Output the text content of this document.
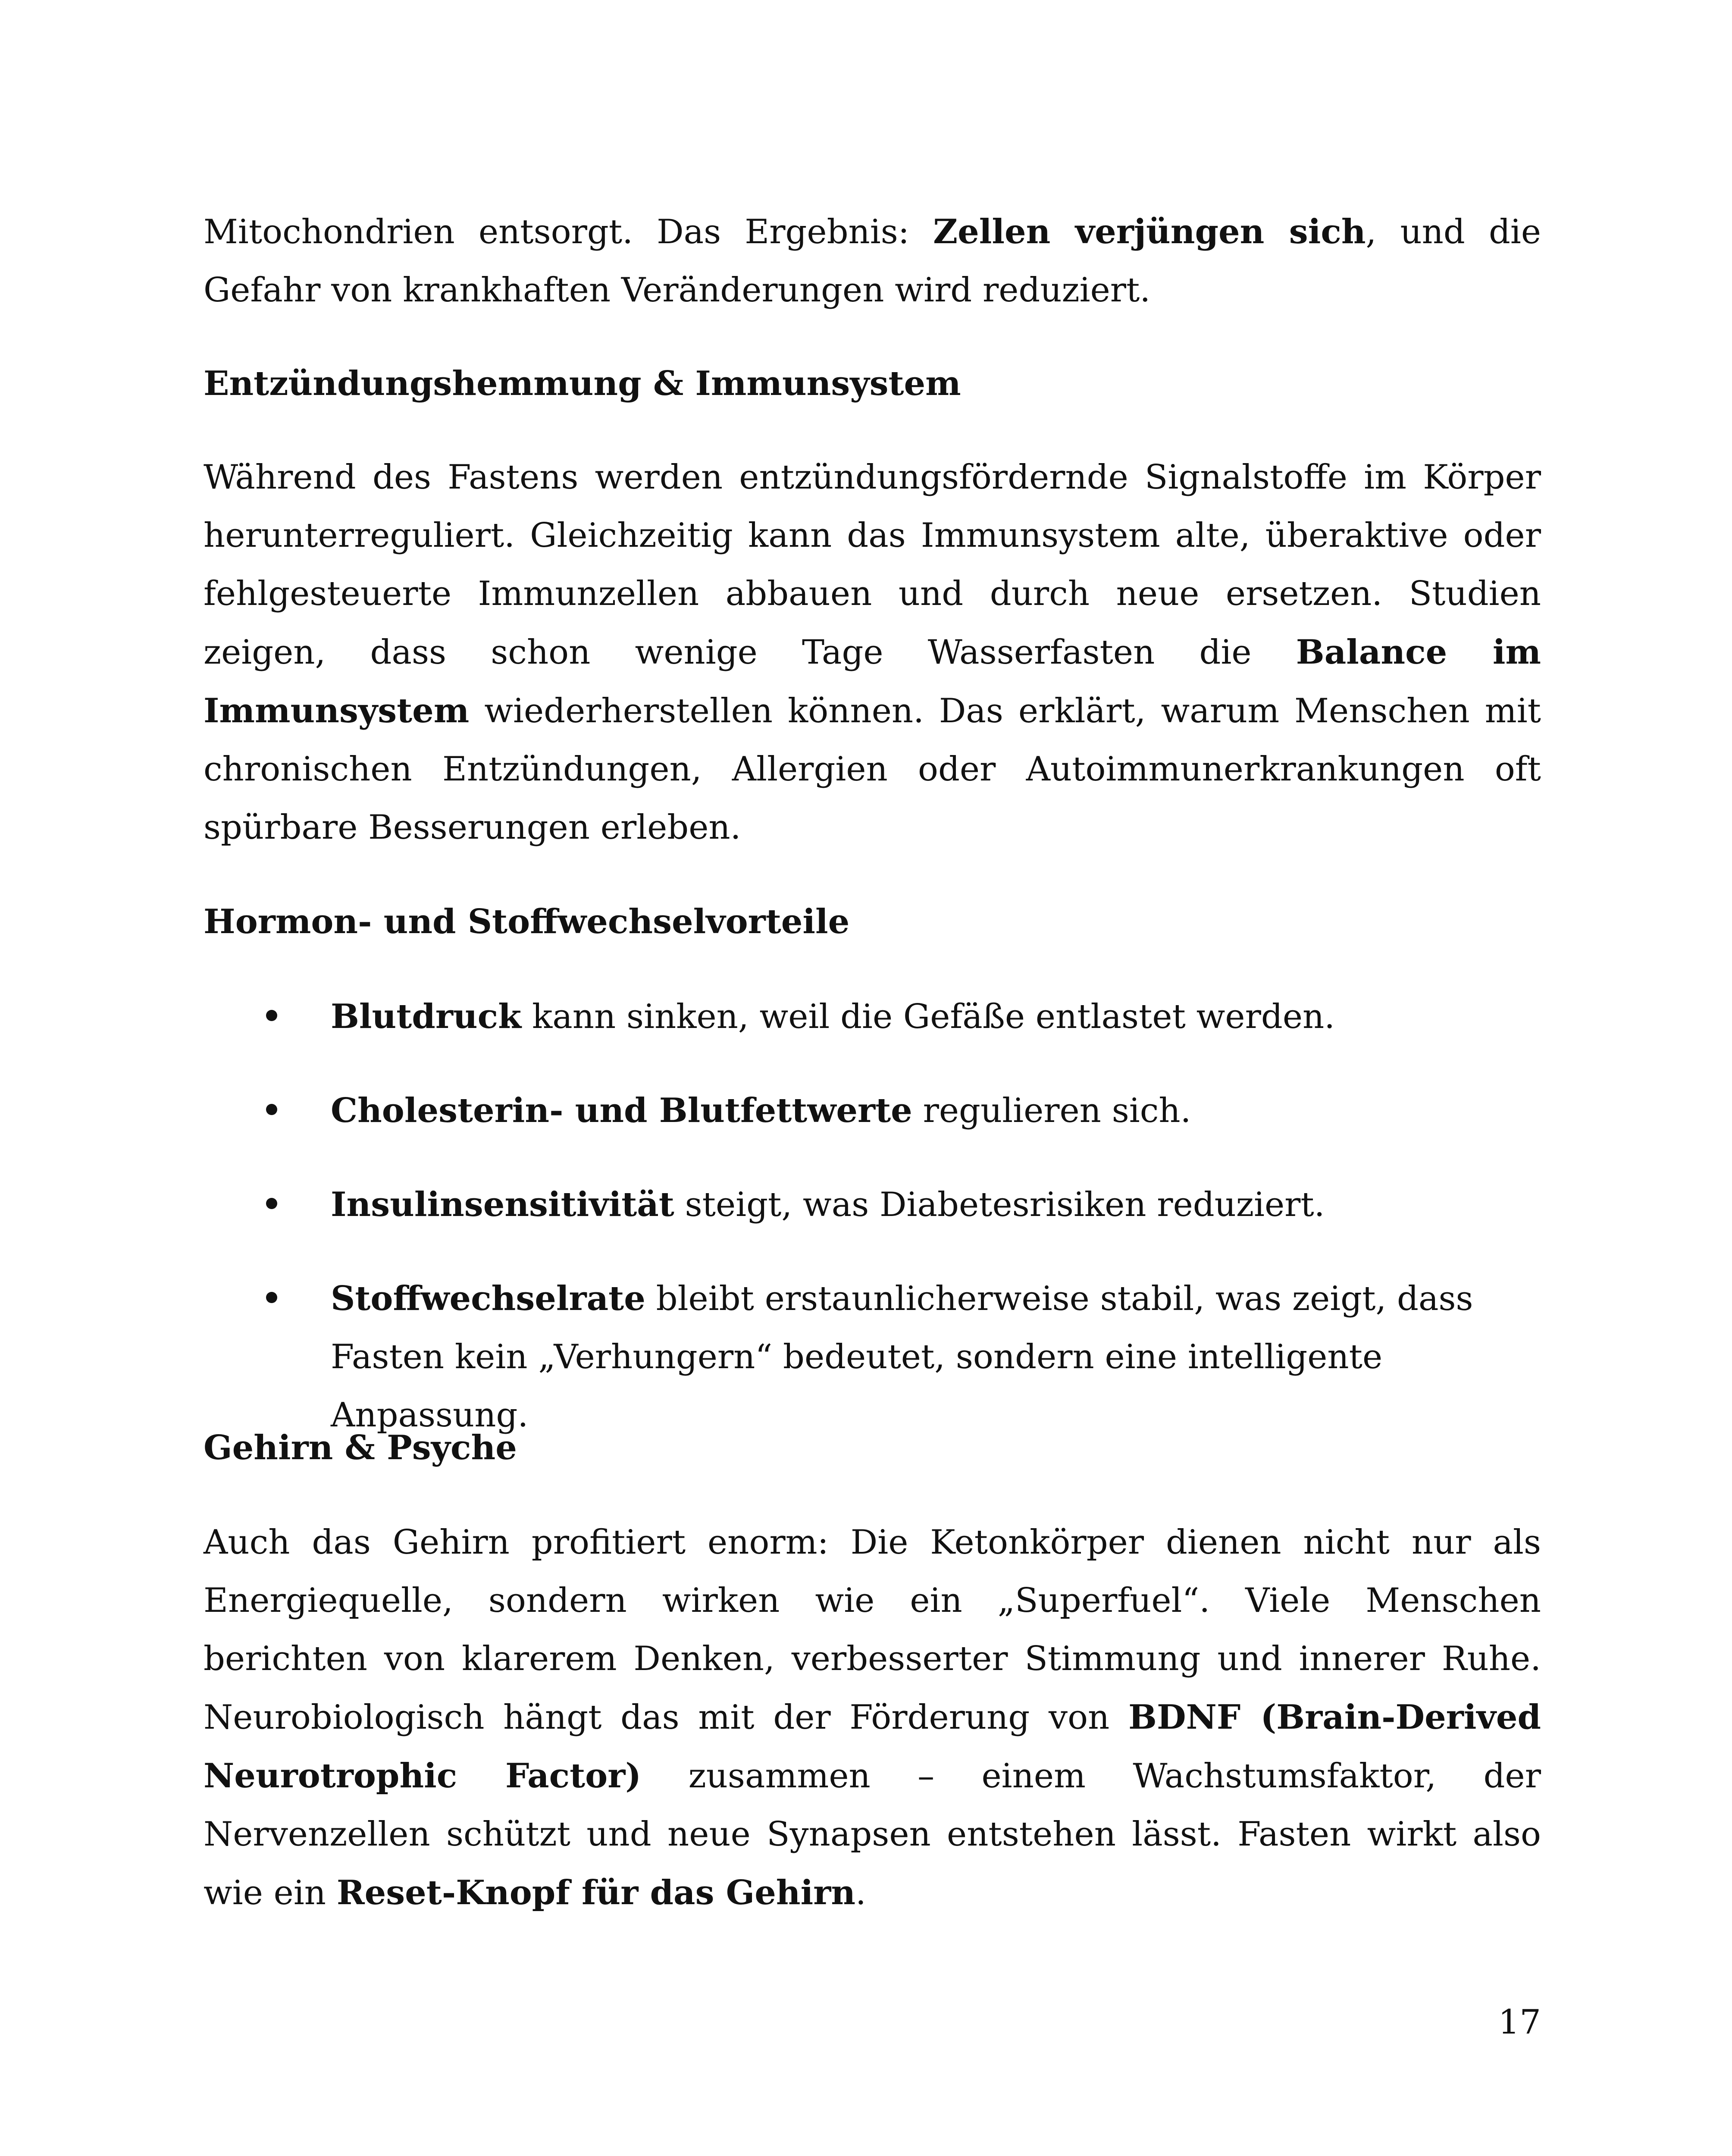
Mitochondrien entsorgt. Das Ergebnis: Zellen verjüngen sich, und die Gefahr von krankhaften Veränderungen wird reduziert.

Entzündungshemmung & Immunsystem

Während des Fastens werden entzündungsfördernde Signalstoffe im Körper herunterreguliert. Gleichzeitig kann das Immunsystem alte, überaktive oder fehlgesteuerte Immunzellen abbauen und durch neue ersetzen. Studien zeigen, dass schon wenige Tage Wasserfasten die Balance im Immunsystem wiederherstellen können. Das erklärt, warum Menschen mit chronischen Entzündungen, Allergien oder Autoimmunerkrankungen oft spürbare Besserungen erleben.

Hormon- und Stoffwechselvorteile
Blutdruck kann sinken, weil die Gefäße entlastet werden.
Cholesterin- und Blutfettwerte regulieren sich.
Insulinsensitivität steigt, was Diabetesrisiken reduziert.
Stoffwechselrate bleibt erstaunlicherweise stabil, was zeigt, dass Fasten kein „Verhungern“ bedeutet, sondern eine intelligente Anpassung.
Gehirn & Psyche

Auch das Gehirn profitiert enorm: Die Ketonkörper dienen nicht nur als Energiequelle, sondern wirken wie ein „Superfuel“. Viele Menschen berichten von klarerem Denken, verbesserter Stimmung und innerer Ruhe. Neurobiologisch hängt das mit der Förderung von BDNF (Brain-Derived Neurotrophic Factor) zusammen – einem Wachstumsfaktor, der Nervenzellen schützt und neue Synapsen entstehen lässt. Fasten wirkt also wie ein Reset-Knopf für das Gehirn.

17
